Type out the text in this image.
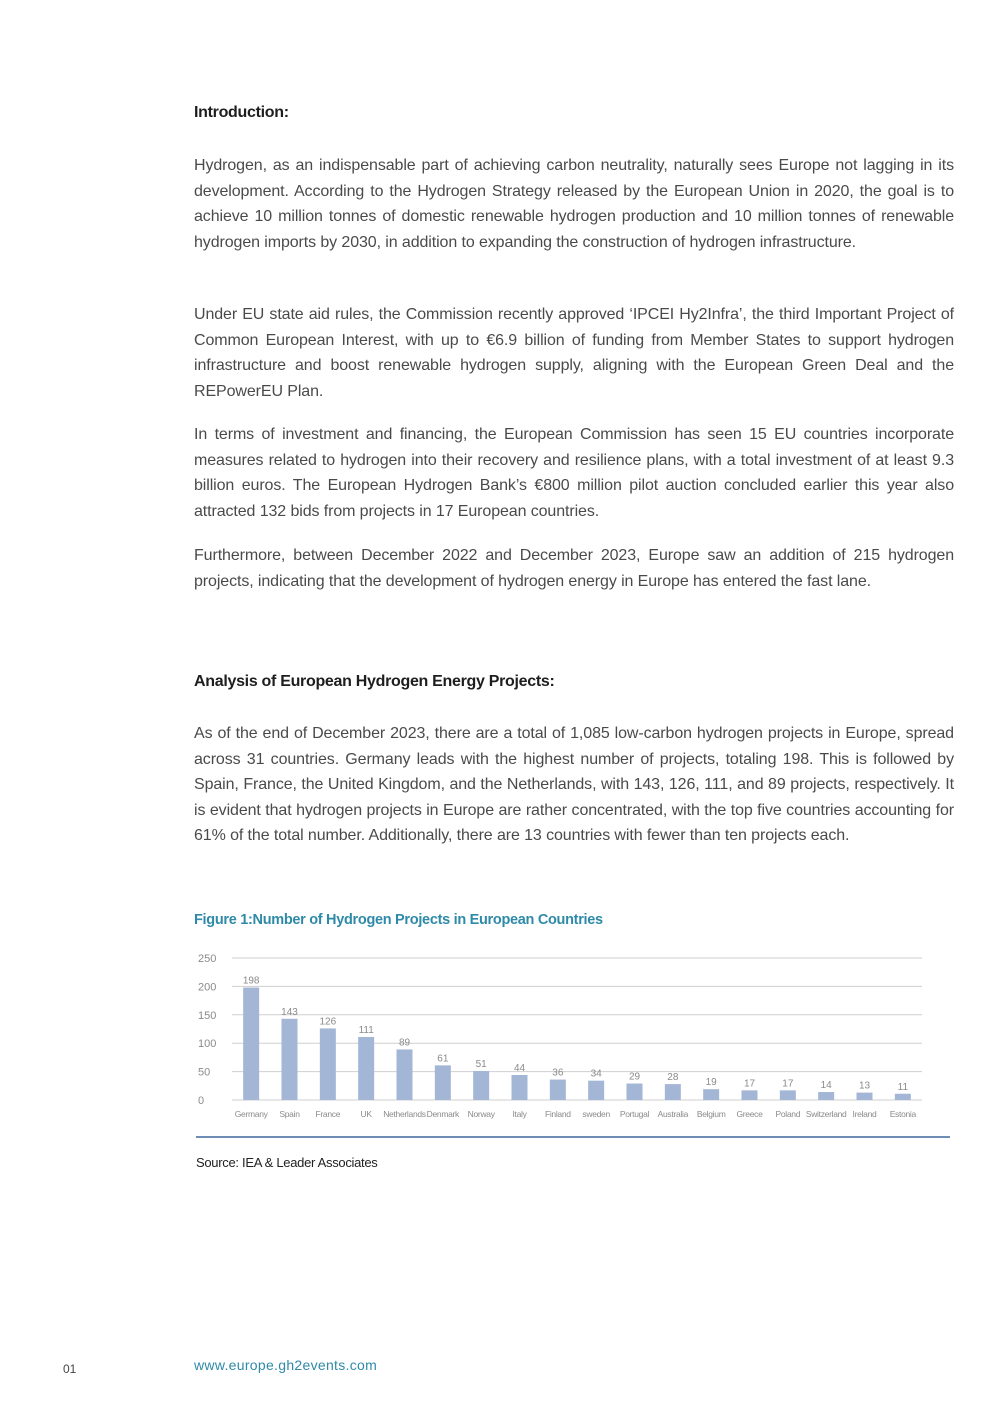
Introduction:

Hydrogen, as an indispensable part of achieving carbon neutrality, naturally sees Europe not lagging in its development. According to the Hydrogen Strategy released by the European Union in 2020, the goal is to achieve 10 million tonnes of domestic renewable hydrogen production and 10 million tonnes of renewable hydrogen imports by 2030, in addition to expanding the construction of hydrogen infrastructure.

Under EU state aid rules, the Commission recently approved ‘IPCEI Hy2Infra’, the third Important Project of Common European Interest, with up to €6.9 billion of funding from Member States to support hydrogen infrastructure and boost renewable hydrogen supply, aligning with the European Green Deal and the REPowerEU Plan.

In terms of investment and financing, the European Commission has seen 15 EU countries incorporate measures related to hydrogen into their recovery and resilience plans, with a total investment of at least 9.3 billion euros. The European Hydrogen Bank’s €800 million pilot auction concluded earlier this year also attracted 132 bids from projects in 17 European countries.

Furthermore, between December 2022 and December 2023, Europe saw an addition of 215 hydrogen projects, indicating that the development of hydrogen energy in Europe has entered the fast lane.

Analysis of European Hydrogen Energy Projects:

As of the end of December 2023, there are a total of 1,085 low-carbon hydrogen projects in Europe, spread across 31 countries. Germany leads with the highest number of projects, totaling 198. This is followed by Spain, France, the United Kingdom, and the Netherlands, with 143, 126, 111, and 89 projects, respectively. It is evident that hydrogen projects in Europe are rather concentrated, with the top five countries accounting for 61% of the total number. Additionally, there are 13 countries with fewer than ten projects each.

Figure 1:Number of Hydrogen Projects in European Countries
0
50
100
150
200
250
198
Germany
143
Spain
126
France
111
UK
89
Netherlands
61
Denmark
51
Norway
44
Italy
36
Finland
34
sweden
29
Portugal
28
Australia
19
Belgium
17
Greece
17
Poland
14
Switzerland
13
Ireland
11
Estonia
Source: IEA & Leader Associates
01	www.europe.gh2events.com
